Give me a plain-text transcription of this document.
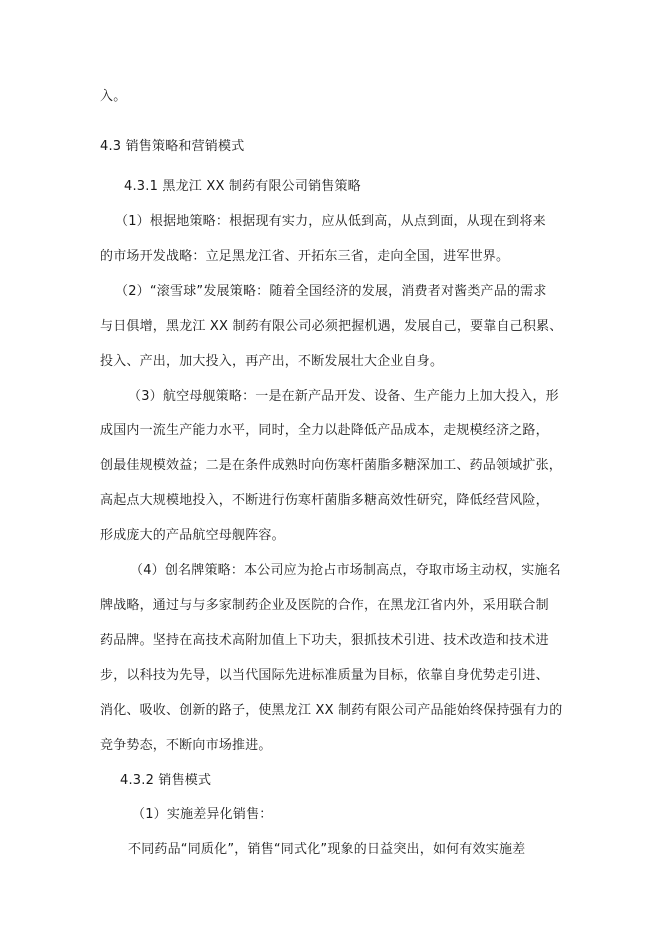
入。
4.3 销售策略和营销模式
4.3.1 黑龙江 XX 制药有限公司销售策略
（1）根据地策略：根据现有实力，应从低到高，从点到面，从现在到将来
的市场开发战略：立足黑龙江省、开拓东三省，走向全国，进军世界。
（2）“滚雪球”发展策略：随着全国经济的发展，消费者对酱类产品的需求
与日俱增，黑龙江 XX 制药有限公司必须把握机遇，发展自己，要靠自己积累、
投入、产出，加大投入，再产出，不断发展壮大企业自身。
（3）航空母舰策略：一是在新产品开发、设备、生产能力上加大投入，形
成国内一流生产能力水平，同时，全力以赴降低产品成本，走规模经济之路，
创最佳规模效益；二是在条件成熟时向伤寒杆菌脂多糖深加工、药品领域扩张，
高起点大规模地投入，不断进行伤寒杆菌脂多糖高效性研究，降低经营风险，
形成庞大的产品航空母舰阵容。
（4）创名牌策略：本公司应为抢占市场制高点，夺取市场主动权，实施名
牌战略，通过与与多家制药企业及医院的合作，在黑龙江省内外，采用联合制
药品牌。坚持在高技术高附加值上下功夫，狠抓技术引进、技术改造和技术进
步，以科技为先导，以当代国际先进标准质量为目标，依靠自身优势走引进、
消化、吸收、创新的路子，使黑龙江 XX 制药有限公司产品能始终保持强有力的
竞争势态，不断向市场推进。
4.3.2 销售模式
（1）实施差异化销售：
不同药品“同质化”，销售“同式化”现象的日益突出，如何有效实施差
